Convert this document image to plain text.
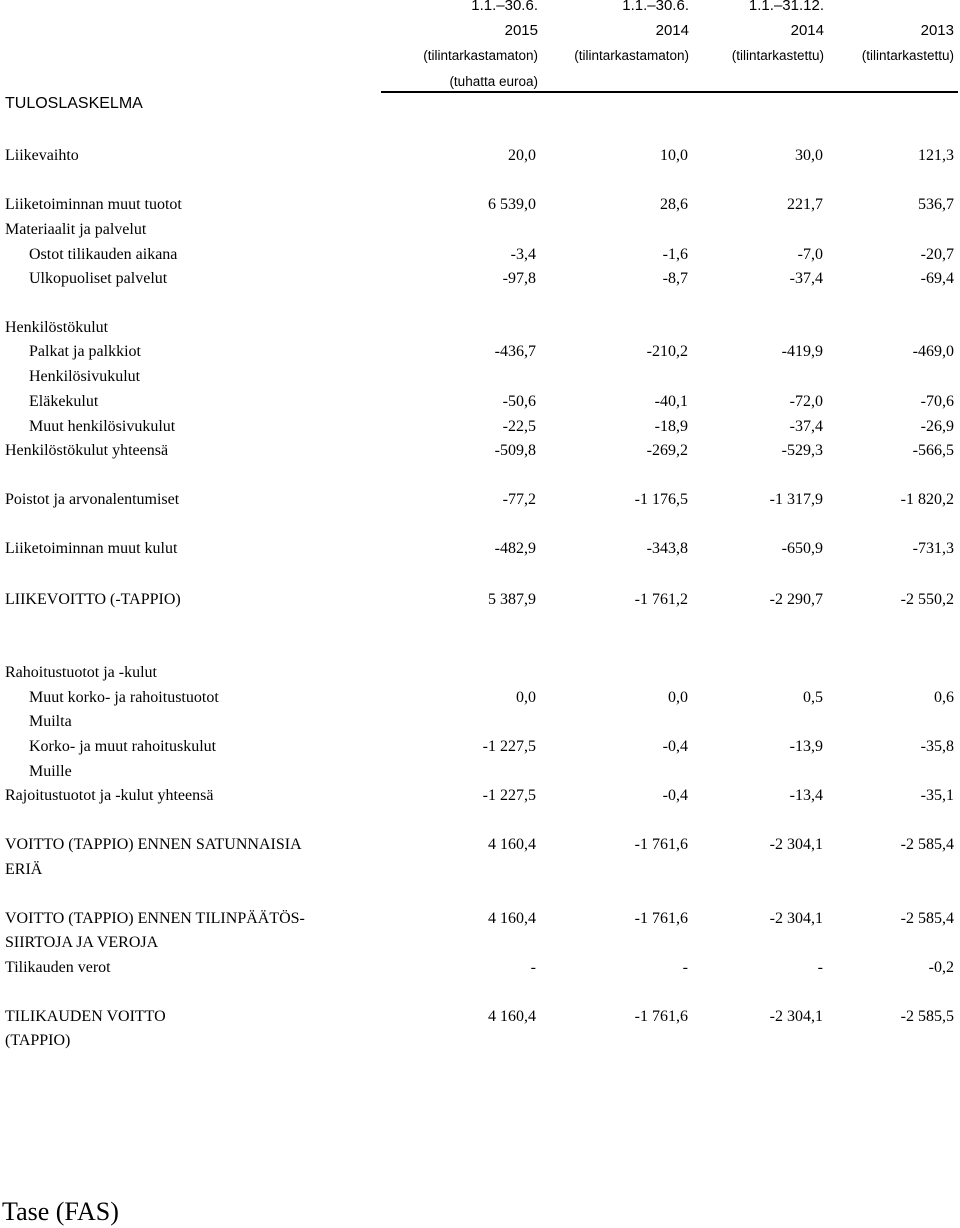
1.1.–30.6.	1.1.–30.6.	1.1.–31.12.
2015	2014	2014	2013
(tilintarkastamaton)	(tilintarkastamaton)	(tilintarkastettu)	(tilintarkastettu)
(tuhatta euroa)
TULOSLASKELMA
Liikevaihto	20,0	10,0	30,0	121,3
Liiketoiminnan muut tuotot	6 539,0	28,6	221,7	536,7
Materiaalit ja palvelut
Ostot tilikauden aikana	-3,4	-1,6	-7,0	-20,7
Ulkopuoliset palvelut	-97,8	-8,7	-37,4	-69,4
Henkilöstökulut
Palkat ja palkkiot	-436,7	-210,2	-419,9	-469,0
Henkilösivukulut
Eläkekulut	-50,6	-40,1	-72,0	-70,6
Muut henkilösivukulut	-22,5	-18,9	-37,4	-26,9
Henkilöstökulut yhteensä	-509,8	-269,2	-529,3	-566,5
Poistot ja arvonalentumiset	-77,2	-1 176,5	-1 317,9	-1 820,2
Liiketoiminnan muut kulut	-482,9	-343,8	-650,9	-731,3
LIIKEVOITTO (-TAPPIO)	5 387,9	-1 761,2	-2 290,7	-2 550,2
Rahoitustuotot ja -kulut
Muut korko- ja rahoitustuotot	0,0	0,0	0,5	0,6
Muilta
Korko- ja muut rahoituskulut	-1 227,5	-0,4	-13,9	-35,8
Muille
Rajoitustuotot ja -kulut yhteensä	-1 227,5	-0,4	-13,4	-35,1
VOITTO (TAPPIO) ENNEN SATUNNAISIA	4 160,4	-1 761,6	-2 304,1	-2 585,4
ERIÄ
VOITTO (TAPPIO) ENNEN TILINPÄÄTÖS-	4 160,4	-1 761,6	-2 304,1	-2 585,4
SIIRTOJA JA VEROJA
Tilikauden verot	-	-	-	-0,2
TILIKAUDEN VOITTO	4 160,4	-1 761,6	-2 304,1	-2 585,5
(TAPPIO)
Tase (FAS)
